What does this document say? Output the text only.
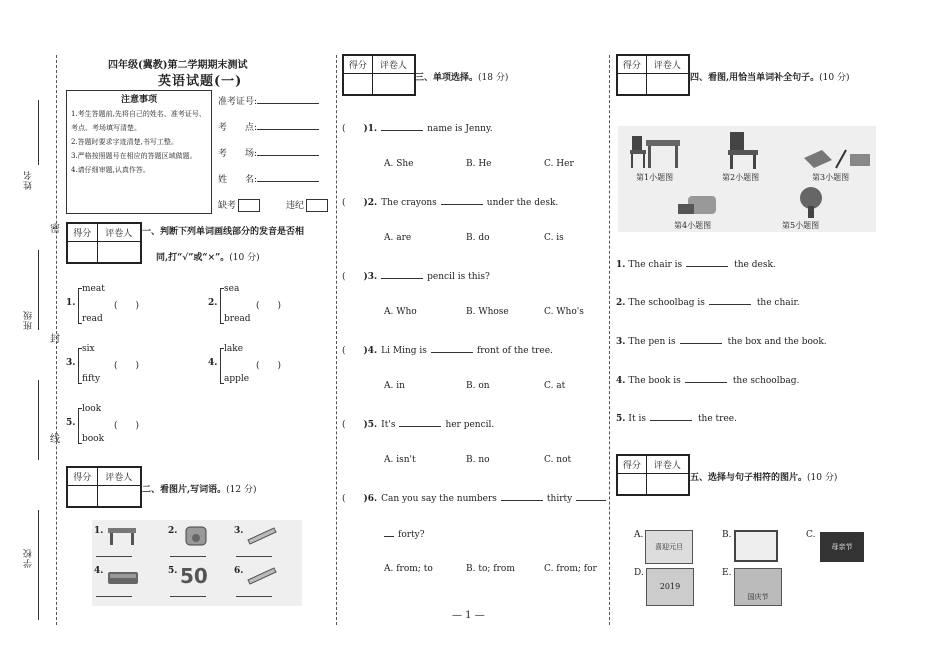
姓名
班级
学校
密
封
线
四年级(冀教)第二学期期末测试
英语试题(一)
注意事项
1.考生答题前,先将自己的姓名、准考证号、考点、考场填写清楚。
2.答题时要求字迹清楚,书写工整。
3.严格按照题号在相应的答题区域做题。
4.请仔细审题,认真作答。
准考证号:
考　　点:
考　　场:
姓　　名:
缺考	违纪
得分	评卷人
	一、判断下列单词画线部分的发音是否相
同,打“√”或“×”。(10 分)
得分	评卷人

二、看图片,写词语。(12 分)
得分	评卷人

三、单项选择。(18 分)
得分	评卷人

四、看图,用恰当单词补全句子。(10 分)
第1小题图	第2小题图	第3小题图
第4小题图	第5小题图
得分	评卷人

五、选择与句子相符的图片。(10 分)
A.
喜迎元旦
B.	C.
母亲节
D.
2019
E.
国庆节
— 1 —
1.
meat
read
(　　)	2.
sea
bread
(　　)
3.
six
fifty
(　　)	4.
lake
apple
(　　)
5.
look
book
(　　)
1.	2.	3.
4.	5. 50	6.
( )1.	name is Jenny.
A. She	B. He	C. Her
( )2. The crayons	under the desk.
A. are	B. do	C. is
( )3.	pencil is this?
A. Who	B. Whose	C. Who's
( )4. Li Ming is	front of the tree.
A. in	B. on	C. at
( )5. It's	her pencil.
A. isn't	B. no	C. not
( )6. Can you say the numbers	thirty
forty?
A. from; to	B. to; from	C. from; for
1. The chair is	the desk.
2. The schoolbag is	the chair.
3. The pen is	the box and the book.
4. The book is	the schoolbag.
5. It is	the tree.
